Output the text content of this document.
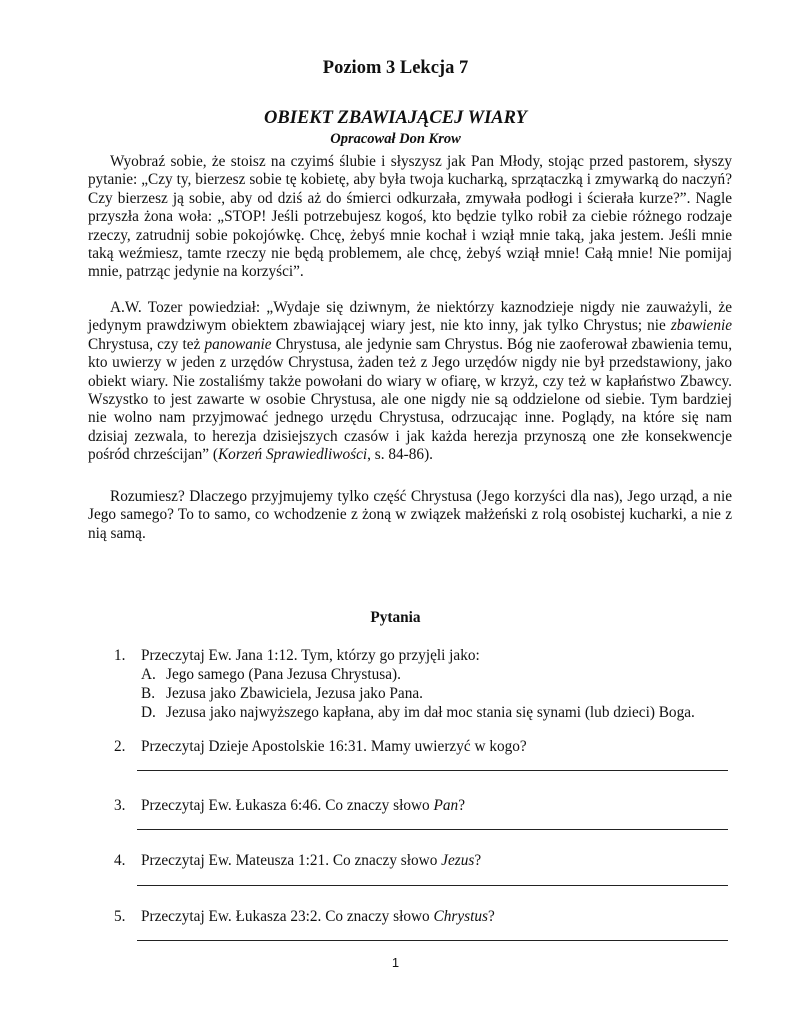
Poziom 3 Lekcja 7
OBIEKT ZBAWIAJĄCEJ WIARY
Opracował Don Krow

Wyobraź sobie, że stoisz na czyimś ślubie i słyszysz jak Pan Młody, stojąc przed pastorem, słyszy pytanie: „Czy ty, bierzesz sobie tę kobietę, aby była twoja kucharką, sprzątaczką i zmywarką do naczyń? Czy bierzesz ją sobie, aby od dziś aż do śmierci odkurzała, zmywała podłogi i ścierała kurze?”. Nagle przyszła żona woła: „STOP! Jeśli potrzebujesz kogoś, kto będzie tylko robił za ciebie różnego rodzaje rzeczy, zatrudnij sobie pokojówkę. Chcę, żebyś mnie kochał i wziął mnie taką, jaka jestem. Jeśli mnie taką weźmiesz, tamte rzeczy nie będą problemem, ale chcę, żebyś wziął mnie! Całą mnie! Nie pomijaj mnie, patrząc jedynie na korzyści”.

A.W. Tozer powiedział: „Wydaje się dziwnym, że niektórzy kaznodzieje nigdy nie zauważyli, że jedynym prawdziwym obiektem zbawiającej wiary jest, nie kto inny, jak tylko Chrystus; nie zbawienie Chrystusa, czy też panowanie Chrystusa, ale jedynie sam Chrystus. Bóg nie zaoferował zbawienia temu, kto uwierzy w jeden z urzędów Chrystusa, żaden też z Jego urzędów nigdy nie był przedstawiony, jako obiekt wiary. Nie zostaliśmy także powołani do wiary w ofiarę, w krzyż, czy też w kapłaństwo Zbawcy. Wszystko to jest zawarte w osobie Chrystusa, ale one nigdy nie są oddzielone od siebie. Tym bardziej nie wolno nam przyjmować jednego urzędu Chrystusa, odrzucając inne. Poglądy, na które się nam dzisiaj zezwala, to herezja dzisiejszych czasów i jak każda herezja przynoszą one złe konsekwencje pośród chrześcijan” (Korzeń Sprawiedliwości, s. 84-86).

Rozumiesz? Dlaczego przyjmujemy tylko część Chrystusa (Jego korzyści dla nas), Jego urząd, a nie Jego samego? To to samo, co wchodzenie z żoną w związek małżeński z rolą osobistej kucharki, a nie z nią samą.

Pytania
1.	Przeczytaj Ew. Jana 1:12. Tym, którzy go przyjęli jako:
A. Jego samego (Pana Jezusa Chrystusa).
B. Jezusa jako Zbawiciela, Jezusa jako Pana.
D. Jezusa jako najwyższego kapłana, aby im dał moc stania się synami (lub dzieci) Boga.
2.	Przeczytaj Dzieje Apostolskie 16:31. Mamy uwierzyć w kogo?
3.	Przeczytaj Ew. Łukasza 6:46. Co znaczy słowo Pan?
4.	Przeczytaj Ew. Mateusza 1:21. Co znaczy słowo Jezus?
5.	Przeczytaj Ew. Łukasza 23:2. Co znaczy słowo Chrystus?
1
